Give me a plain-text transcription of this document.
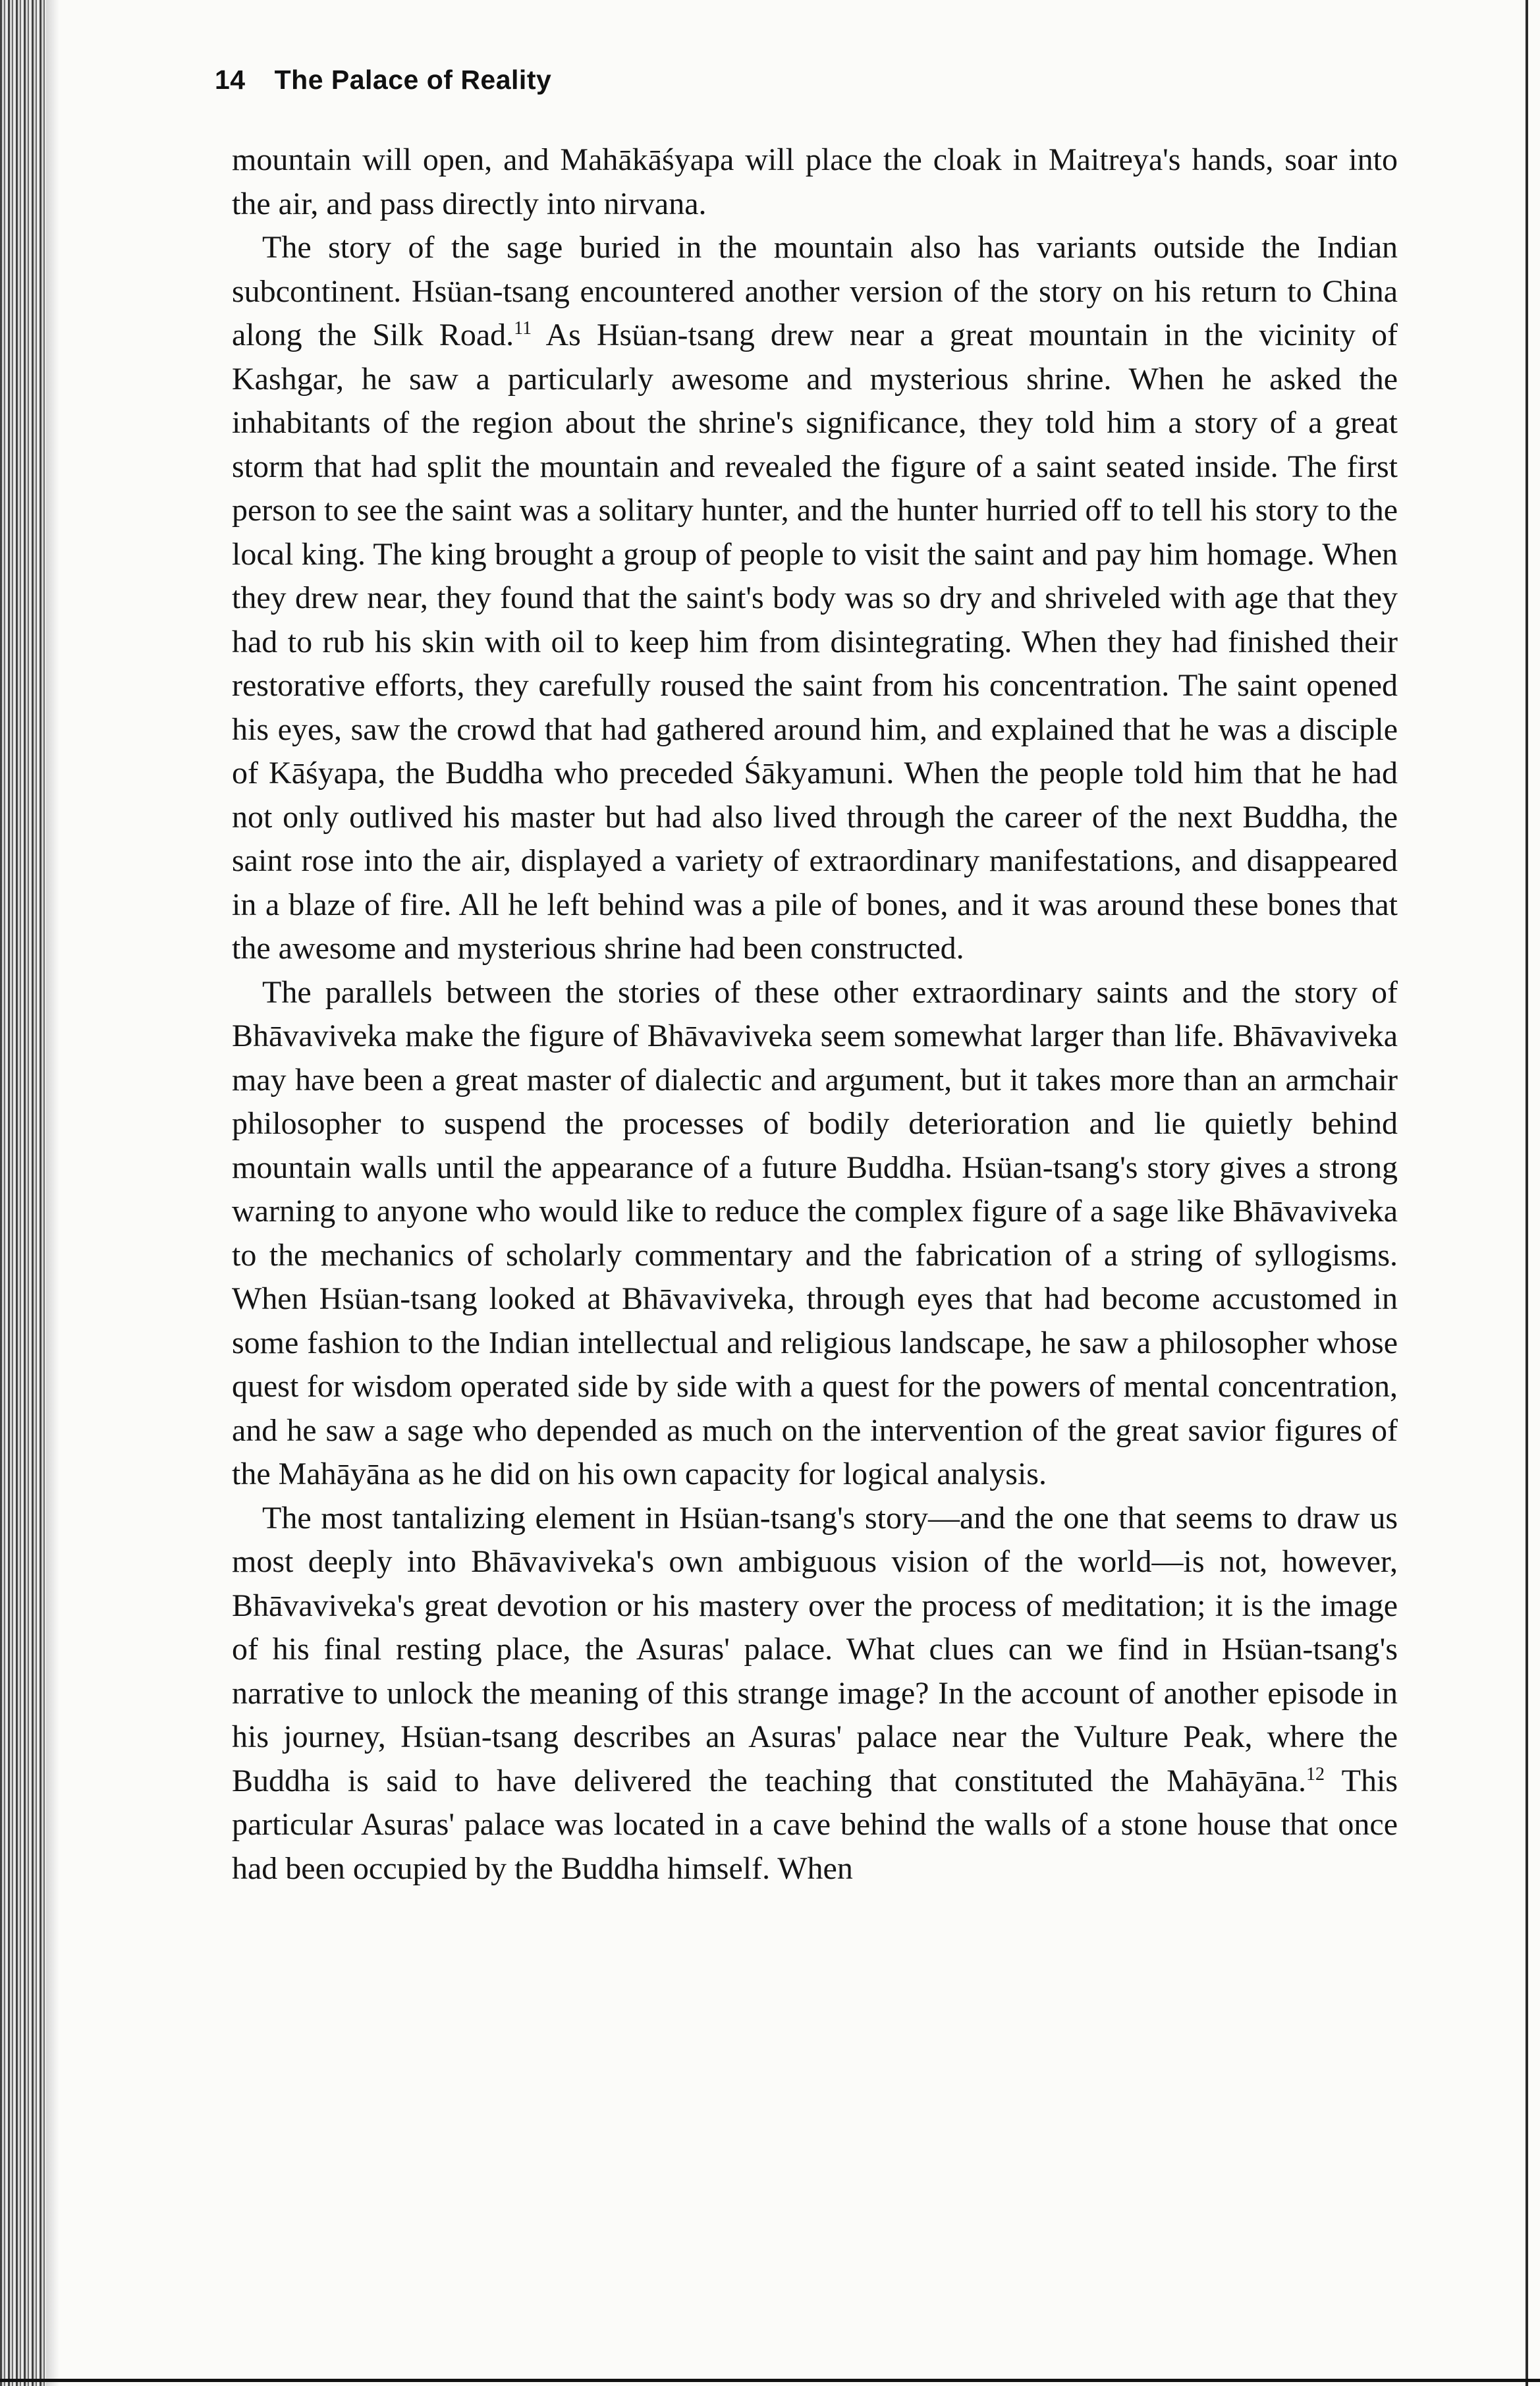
14 The Palace of Reality

mountain will open, and Mahākāśyapa will place the cloak in Maitreya's hands, soar into the air, and pass directly into nirvana.

The story of the sage buried in the mountain also has variants outside the Indian subcontinent. Hsüan-tsang encountered another version of the story on his return to China along the Silk Road.$^{11}$ As Hsüan-tsang drew near a great mountain in the vicinity of Kashgar, he saw a particularly awesome and mysterious shrine. When he asked the inhabitants of the region about the shrine's significance, they told him a story of a great storm that had split the mountain and revealed the figure of a saint seated inside. The first person to see the saint was a solitary hunter, and the hunter hurried off to tell his story to the local king. The king brought a group of people to visit the saint and pay him homage. When they drew near, they found that the saint's body was so dry and shriveled with age that they had to rub his skin with oil to keep him from disintegrating. When they had finished their restorative efforts, they carefully roused the saint from his concentration. The saint opened his eyes, saw the crowd that had gathered around him, and explained that he was a disciple of Kāśyapa, the Buddha who preceded Śākyamuni. When the people told him that he had not only outlived his master but had also lived through the career of the next Buddha, the saint rose into the air, displayed a variety of extraordinary manifestations, and disappeared in a blaze of fire. All he left behind was a pile of bones, and it was around these bones that the awesome and mysterious shrine had been constructed.

The parallels between the stories of these other extraordinary saints and the story of Bhāvaviveka make the figure of Bhāvaviveka seem somewhat larger than life. Bhāvaviveka may have been a great master of dialectic and argument, but it takes more than an armchair philosopher to suspend the processes of bodily deterioration and lie quietly behind mountain walls until the appearance of a future Buddha. Hsüan-tsang's story gives a strong warning to anyone who would like to reduce the complex figure of a sage like Bhāvaviveka to the mechanics of scholarly commentary and the fabrication of a string of syllogisms. When Hsüan-tsang looked at Bhāvaviveka, through eyes that had become accustomed in some fashion to the Indian intellectual and religious landscape, he saw a philosopher whose quest for wisdom operated side by side with a quest for the powers of mental concentration, and he saw a sage who depended as much on the intervention of the great savior figures of the Mahāyāna as he did on his own capacity for logical analysis.

The most tantalizing element in Hsüan-tsang's story—and the one that seems to draw us most deeply into Bhāvaviveka's own ambiguous vision of the world—is not, however, Bhāvaviveka's great devotion or his mastery over the process of meditation; it is the image of his final resting place, the Asuras' palace. What clues can we find in Hsüan-tsang's narrative to unlock the meaning of this strange image? In the account of another episode in his journey, Hsüan-tsang describes an Asuras' palace near the Vulture Peak, where the Buddha is said to have delivered the teaching that constituted the Mahāyāna.$^{12}$ This particular Asuras' palace was located in a cave behind the walls of a stone house that once had been occupied by the Buddha himself. When
